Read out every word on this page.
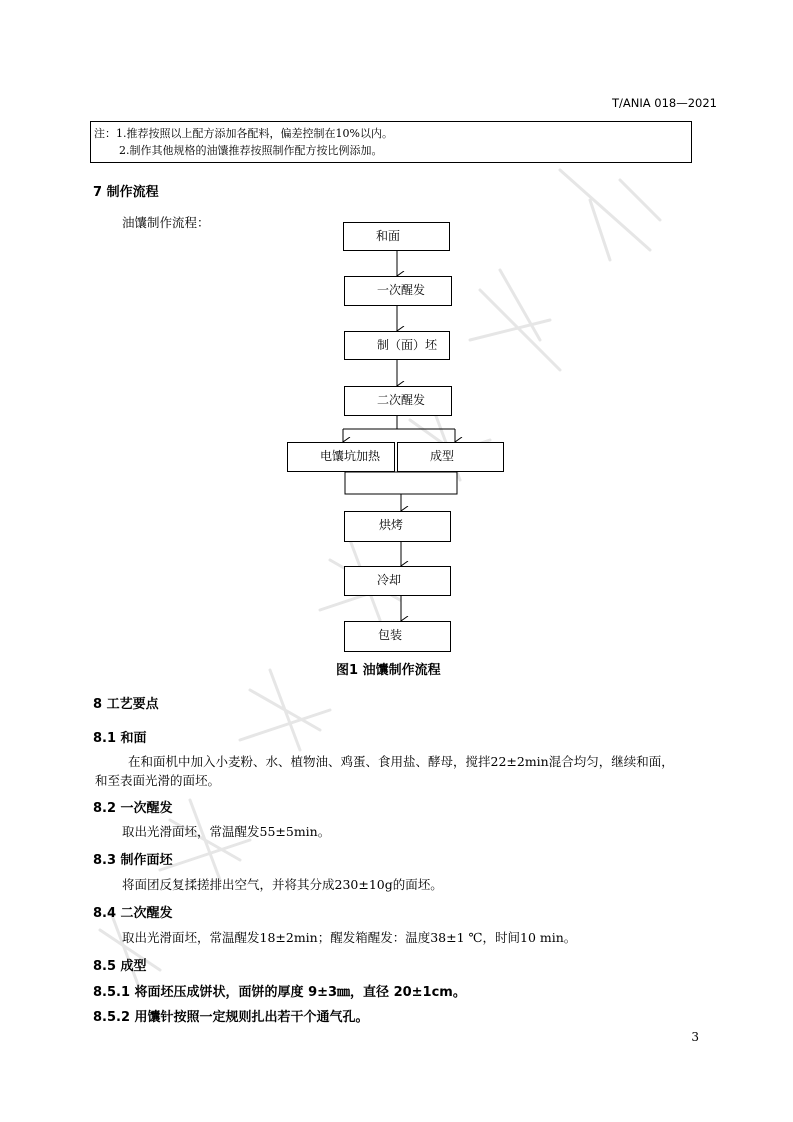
T/ANIA 018—2021
注：1.推荐按照以上配方添加各配料，偏差控制在10%以内。
2.制作其他规格的油馕推荐按照制作配方按比例添加。
7 制作流程
油馕制作流程：
和面
一次醒发
制（面）坯
二次醒发
电馕坑加热	成型
烘烤
冷却
包装
图1 油馕制作流程
8 工艺要点
8.1 和面
在和面机中加入小麦粉、水、植物油、鸡蛋、食用盐、酵母，搅拌22±2min混合均匀，继续和面，
和至表面光滑的面坯。
8.2 一次醒发
取出光滑面坯，常温醒发55±5min。
8.3 制作面坯
将面团反复揉搓排出空气，并将其分成230±10g的面坯。
8.4 二次醒发
取出光滑面坯，常温醒发18±2min；醒发箱醒发：温度38±1 ℃，时间10 min。
8.5 成型
8.5.1 将面坯压成饼状，面饼的厚度 9±3㎜，直径 20±1cm。
8.5.2 用馕针按照一定规则扎出若干个通气孔。
3
